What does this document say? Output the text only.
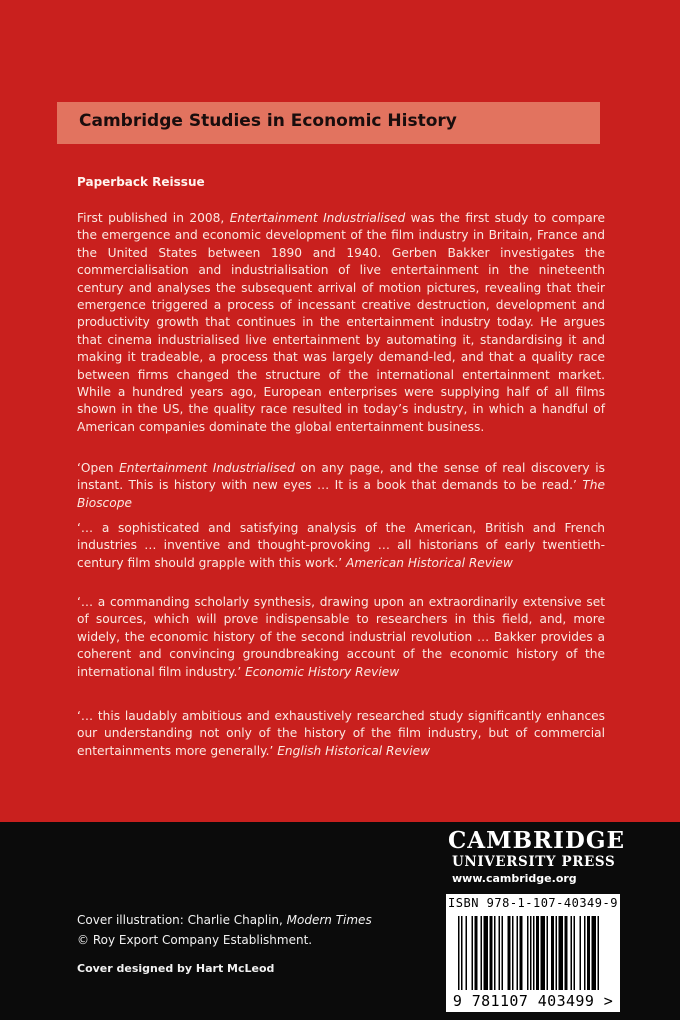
Cambridge Studies in Economic History
Paperback Reissue
First published in 2008, Entertainment Industrialised was the first study to compare the emergence and economic development of the film industry in Britain, France and the United States between 1890 and 1940. Gerben Bakker investigates the commercialisation and industrialisation of live entertainment in the nineteenth century and analyses the subsequent arrival of motion pictures, revealing that their emergence triggered a process of incessant creative destruction, development and productivity growth that continues in the entertainment industry today. He argues that cinema industrialised live entertainment by automating it, standardising it and making it tradeable, a process that was largely demand-led, and that a quality race between firms changed the structure of the international entertainment market. While a hundred years ago, European enterprises were supplying half of all films shown in the US, the quality race resulted in today’s industry, in which a handful of American companies dominate the global entertainment business.
‘Open Entertainment Industrialised on any page, and the sense of real discovery is instant. This is history with new eyes … It is a book that demands to be read.’ The Bioscope
‘… a sophisticated and satisfying analysis of the American, British and French industries … inventive and thought-provoking … all historians of early twentieth-century film should grapple with this work.’ American Historical Review
‘… a commanding scholarly synthesis, drawing upon an extraordinarily extensive set of sources, which will prove indispensable to researchers in this field, and, more widely, the economic history of the second industrial revolution … Bakker provides a coherent and convincing groundbreaking account of the economic history of the international film industry.’ Economic History Review
‘… this laudably ambitious and exhaustively researched study significantly enhances our understanding not only of the history of the film industry, but of commercial entertainments more generally.’ English Historical Review
Cover illustration: Charlie Chaplin, Modern Times
© Roy Export Company Establishment.
Cover designed by Hart McLeod
CAMBRIDGE
UNIVERSITY PRESS
www.cambridge.org
ISBN 978-1-107-40349-9
9 781107 403499 >
